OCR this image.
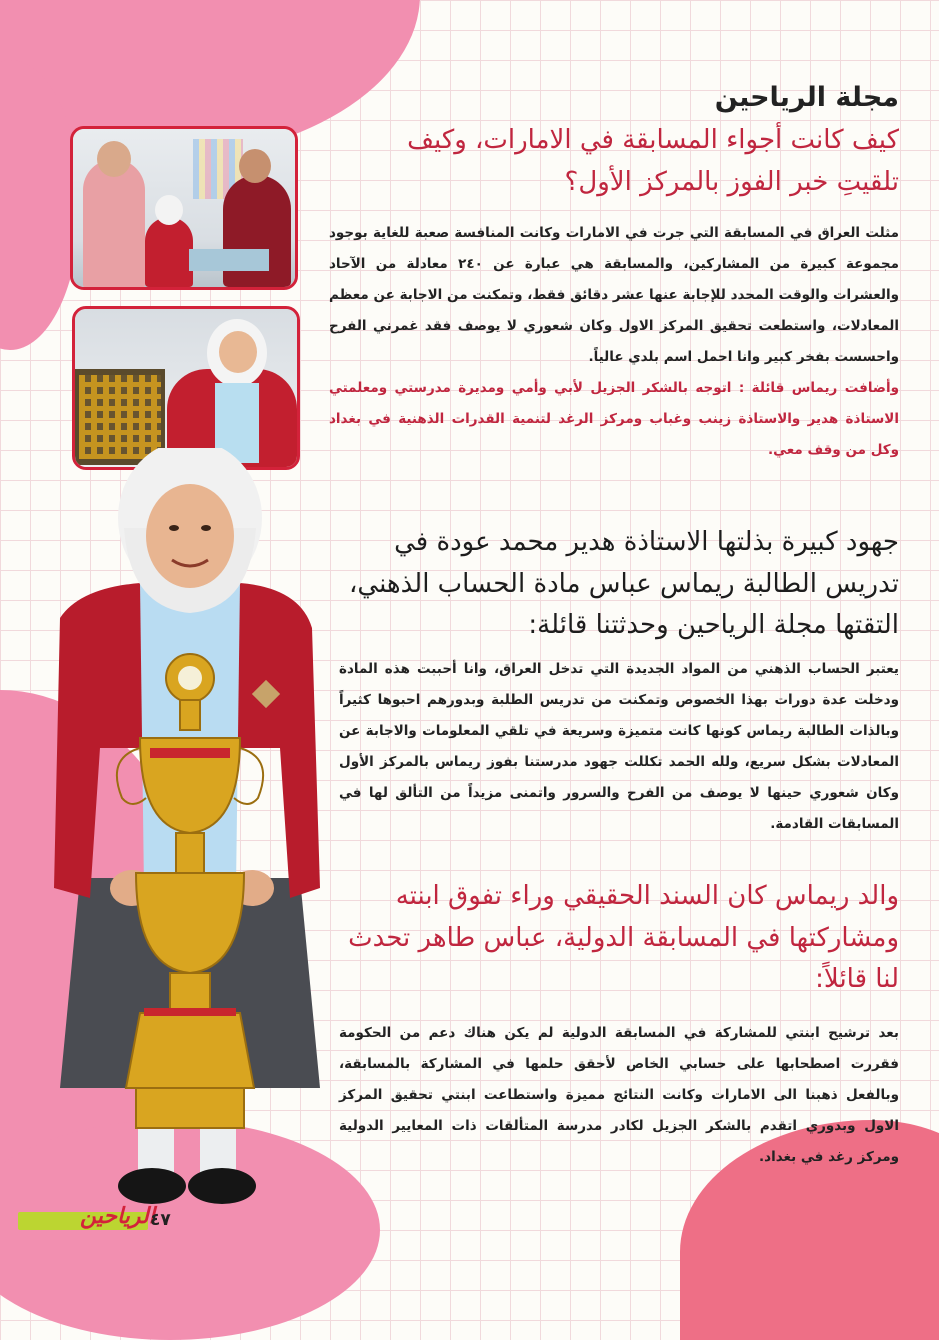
مجلة الرياحين
كيف كانت أجواء المسابقة في الامارات، وكيف تلقيتِ خبر الفوز بالمركز الأول؟
مثلت العراق في المسابقة التي جرت في الامارات وكانت المنافسة صعبة للغاية بوجود مجموعة كبيرة من المشاركين، والمسابقة هي عبارة عن ٢٤٠ معادلة من الآحاد والعشرات والوقت المحدد للإجابة عنها عشر دقائق فقط، وتمكنت من الاجابة عن معظم المعادلات، واستطعت تحقيق المركز الاول وكان شعوري لا يوصف فقد غمرني الفرح واحسست بفخر كبير وانا احمل اسم بلدي عالياً.
وأضافت ريماس قائلة : اتوجه بالشكر الجزيل لأبي وأمي ومديرة مدرستي ومعلمتي الاستاذة هدير والاستاذة زينب وغباب ومركز الرغد لتنمية القدرات الذهنية في بغداد وكل من وقف معي.
جهود كبيرة بذلتها الاستاذة هدير محمد عودة في تدريس الطالبة ريماس عباس مادة الحساب الذهني، التقتها مجلة الرياحين وحدثتنا قائلة:
يعتبر الحساب الذهني من المواد الجديدة التي تدخل العراق، وانا أحببت هذه المادة ودخلت عدة دورات بهذا الخصوص وتمكنت من تدريس الطلبة وبدورهم احبوها كثيراً وبالذات الطالبة ريماس كونها كانت متميزة وسريعة في تلقي المعلومات والاجابة عن المعادلات بشكل سريع، ولله الحمد تكللت جهود مدرستنا بفوز ريماس بالمركز الأول وكان شعوري حينها لا يوصف من الفرح والسرور واتمنى مزيداً من التألق لها في المسابقات القادمة.
والد ريماس كان السند الحقيقي وراء تفوق ابنته ومشاركتها في المسابقة الدولية، عباس طاهر تحدث لنا قائلاً:
بعد ترشيح ابنتي للمشاركة في المسابقة الدولية لم يكن هناك دعم من الحكومة فقررت اصطحابها على حسابي الخاص لأحقق حلمها في المشاركة بالمسابقة، وبالفعل ذهبنا الى الامارات وكانت النتائج مميزة واستطاعت ابنتي تحقيق المركز الاول وبدوري اتقدم بالشكر الجزيل لكادر مدرسة المتألقات ذات المعايير الدولية ومركز رغد في بغداد.
الرياحين
٤٧
